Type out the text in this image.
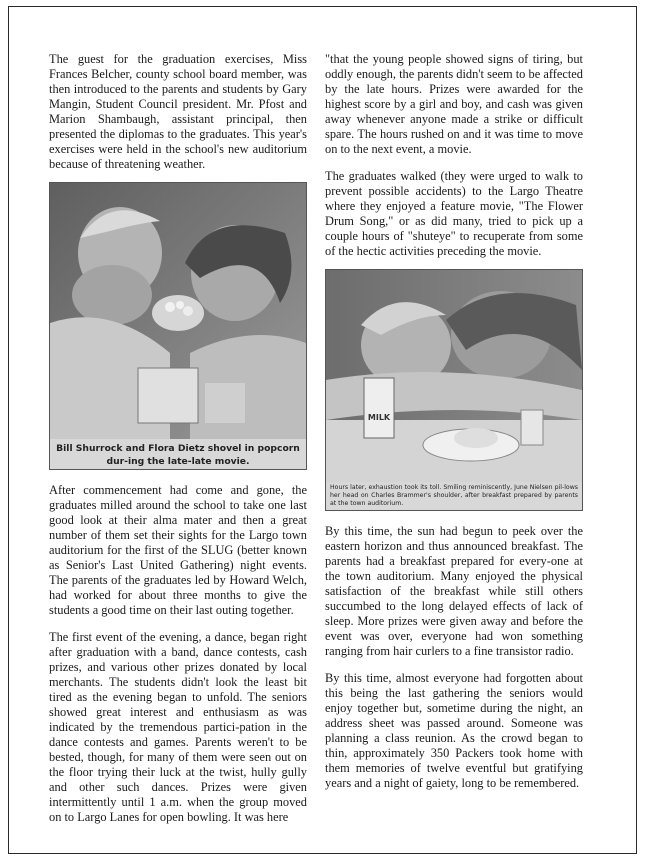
The guest for the graduation exercises, Miss Frances Belcher, county school board member, was then introduced to the parents and students by Gary Mangin, Student Council president. Mr. Pfost and Marion Shambaugh, assistant principal, then presented the diplomas to the graduates. This year's exercises were held in the school's new auditorium because of threatening weather.

Bill Shurrock and Flora Dietz shovel in popcorn dur-ing the late-late movie.

After commencement had come and gone, the graduates milled around the school to take one last good look at their alma mater and then a great number of them set their sights for the Largo town auditorium for the first of the SLUG (better known as Senior's Last United Gathering) night events. The parents of the graduates led by Howard Welch, had worked for about three months to give the students a good time on their last outing together.

The first event of the evening, a dance, began right after graduation with a band, dance contests, cash prizes, and various other prizes donated by local merchants. The students didn't look the least bit tired as the evening began to unfold. The seniors showed great interest and enthusiasm as was indicated by the tremendous partici-pation in the dance contests and games. Parents weren't to be bested, though, for many of them were seen out on the floor trying their luck at the twist, hully gully and other such dances. Prizes were given intermittently until 1 a.m. when the group moved on to Largo Lanes for open bowling. It was here

"that the young people showed signs of tiring, but oddly enough, the parents didn't seem to be affected by the late hours. Prizes were awarded for the highest score by a girl and boy, and cash was given away whenever anyone made a strike or difficult spare. The hours rushed on and it was time to move on to the next event, a movie.

The graduates walked (they were urged to walk to prevent possible accidents) to the Largo Theatre where they enjoyed a feature movie, "The Flower Drum Song," or as did many, tried to pick up a couple hours of "shuteye" to recuperate from some of the hectic activities preceding the movie.

MILK
Hours later, exhaustion took its toll. Smiling reminiscently, June Nielsen pil-lows her head on Charles Brammer's shoulder, after breakfast prepared by parents at the town auditorium.

By this time, the sun had begun to peek over the eastern horizon and thus announced breakfast. The parents had a breakfast prepared for every-one at the town auditorium. Many enjoyed the physical satisfaction of the breakfast while still others succumbed to the long delayed effects of lack of sleep. More prizes were given away and before the event was over, everyone had won something ranging from hair curlers to a fine transistor radio.

By this time, almost everyone had forgotten about this being the last gathering the seniors would enjoy together but, sometime during the night, an address sheet was passed around. Someone was planning a class reunion. As the crowd began to thin, approximately 350 Packers took home with them memories of twelve eventful but gratifying years and a night of gaiety, long to be remembered.
